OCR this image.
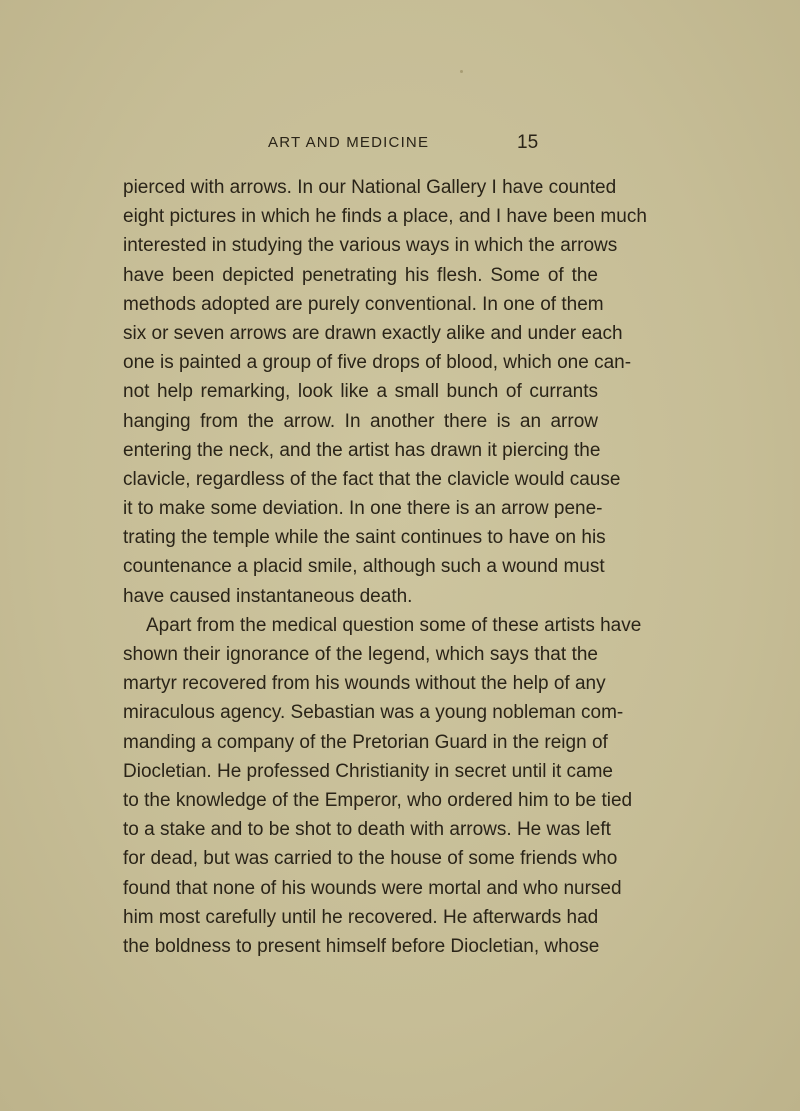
ART AND MEDICINE	15
pierced with arrows. In our National Gallery I have counted
eight pictures in which he finds a place, and I have been much
interested in studying the various ways in which the arrows
have been depicted penetrating his flesh. Some of the
methods adopted are purely conventional. In one of them
six or seven arrows are drawn exactly alike and under each
one is painted a group of five drops of blood, which one can-
not help remarking, look like a small bunch of currants
hanging from the arrow. In another there is an arrow
entering the neck, and the artist has drawn it piercing the
clavicle, regardless of the fact that the clavicle would cause
it to make some deviation. In one there is an arrow pene-
trating the temple while the saint continues to have on his
countenance a placid smile, although such a wound must
have caused instantaneous death.
Apart from the medical question some of these artists have
shown their ignorance of the legend, which says that the
martyr recovered from his wounds without the help of any
miraculous agency. Sebastian was a young nobleman com-
manding a company of the Pretorian Guard in the reign of
Diocletian. He professed Christianity in secret until it came
to the knowledge of the Emperor, who ordered him to be tied
to a stake and to be shot to death with arrows. He was left
for dead, but was carried to the house of some friends who
found that none of his wounds were mortal and who nursed
him most carefully until he recovered. He afterwards had
the boldness to present himself before Diocletian, whose
